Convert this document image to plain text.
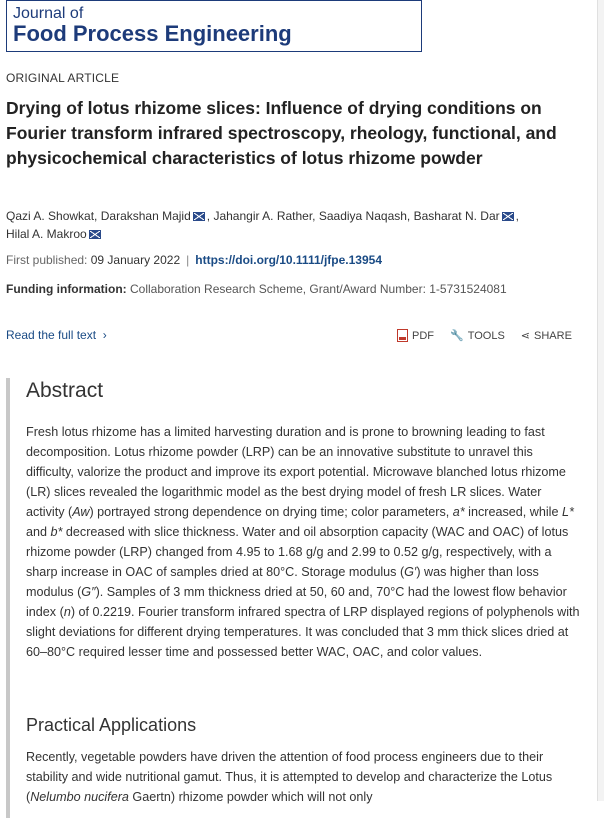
Journal of
Food Process Engineering
ORIGINAL ARTICLE
Drying of lotus rhizome slices: Influence of drying conditions on Fourier transform infrared spectroscopy, rheology, functional, and physicochemical characteristics of lotus rhizome powder
Qazi A. Showkat, Darakshan Majid , Jahangir A. Rather, Saadiya Naqash, Basharat N. Dar ,
Hilal A. Makroo
First published: 09 January 2022 | https://doi.org/10.1111/jfpe.13954
Funding information: Collaboration Research Scheme, Grant/Award Number: 1-5731524081
Read the full text  ›	PDF 🔧 TOOLS ⋖ SHARE
Abstract
Fresh lotus rhizome has a limited harvesting duration and is prone to browning leading to fast decomposition. Lotus rhizome powder (LRP) can be an innovative substitute to unravel this difficulty, valorize the product and improve its export potential. Microwave blanched lotus rhizome (LR) slices revealed the logarithmic model as the best drying model of fresh LR slices. Water activity (Aw) portrayed strong dependence on drying time; color parameters, a* increased, while L* and b* decreased with slice thickness. Water and oil absorption capacity (WAC and OAC) of lotus rhizome powder (LRP) changed from 4.95 to 1.68 g/g and 2.99 to 0.52 g/g, respectively, with a sharp increase in OAC of samples dried at 80°C. Storage modulus (G′) was higher than loss modulus (G″). Samples of 3 mm thickness dried at 50, 60 and, 70°C had the lowest flow behavior index (n) of 0.2219. Fourier transform infrared spectra of LRP displayed regions of polyphenols with slight deviations for different drying temperatures. It was concluded that 3 mm thick slices dried at 60–80°C required lesser time and possessed better WAC, OAC, and color values.
Practical Applications
Recently, vegetable powders have driven the attention of food process engineers due to their stability and wide nutritional gamut. Thus, it is attempted to develop and characterize the Lotus (Nelumbo nucifera Gaertn) rhizome powder which will not only
